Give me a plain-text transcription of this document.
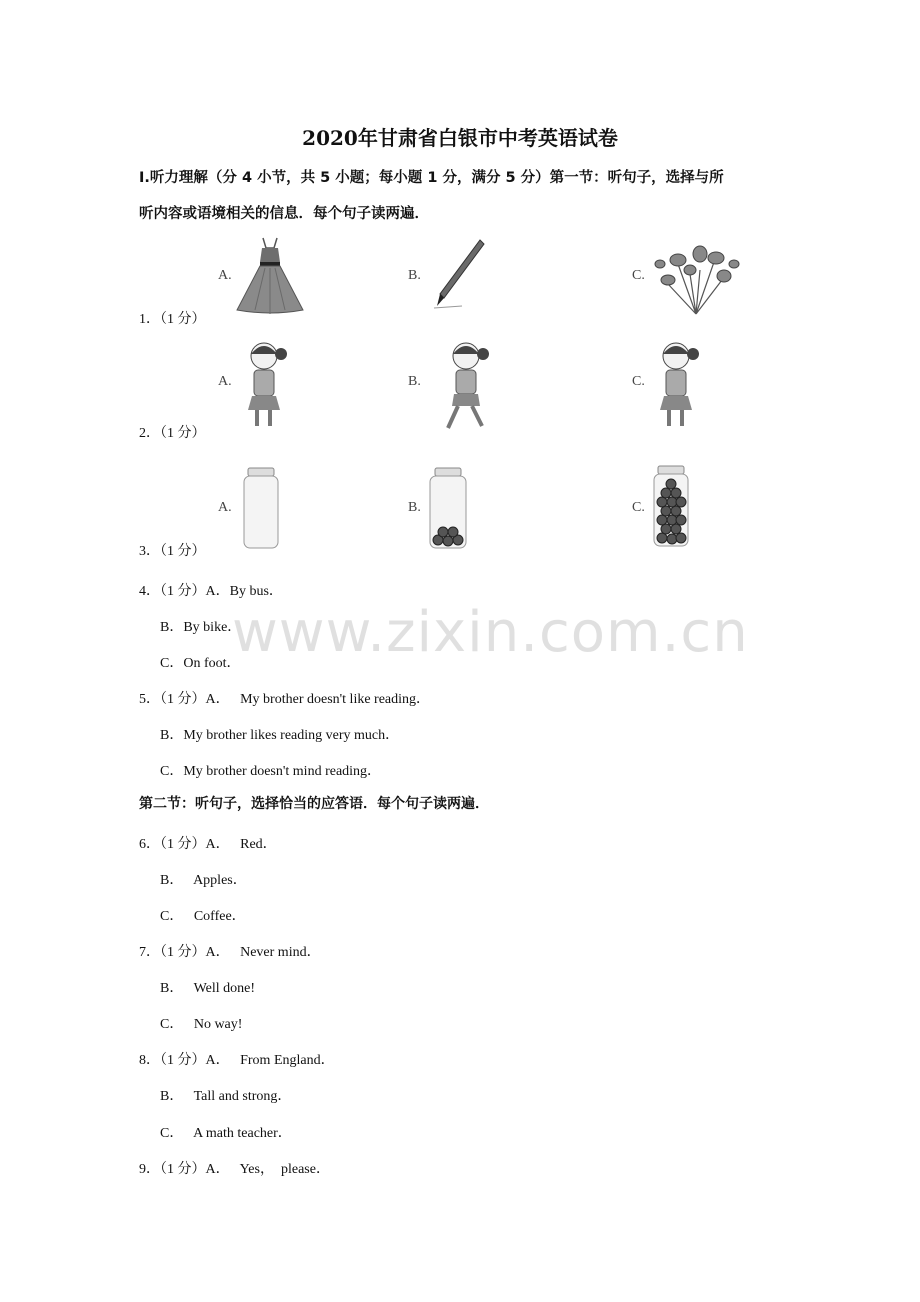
2020年甘肃省白银市中考英语试卷
Ⅰ.听力理解（分 4 小节，共 5 小题；每小题 1 分，满分 5 分）第一节：听句子，选择与所
听内容或语境相关的信息．每个句子读两遍．
1．（1 分）
A.	B.	C.
2．（1 分）
A.	B.	C.
3．（1 分）
A.	B.	C.
4．（1 分）A．By bus．
B．By bike．
C．On foot．
5．（1 分）A．   My brother doesn't like reading．
B．My brother likes reading very much．
C．My brother doesn't mind reading．
第二节：听句子，选择恰当的应答语．每个句子读两遍．
6．（1 分）A．   Red．
B．   Apples．
C．   Coffee．
7．（1 分）A．   Never mind．
B．   Well done!
C．   No way!
8．（1 分）A．   From England．
B．   Tall and strong．
C．   A math teacher．
9．（1 分）A．   Yes，  please．
www.zixin.com.cn
